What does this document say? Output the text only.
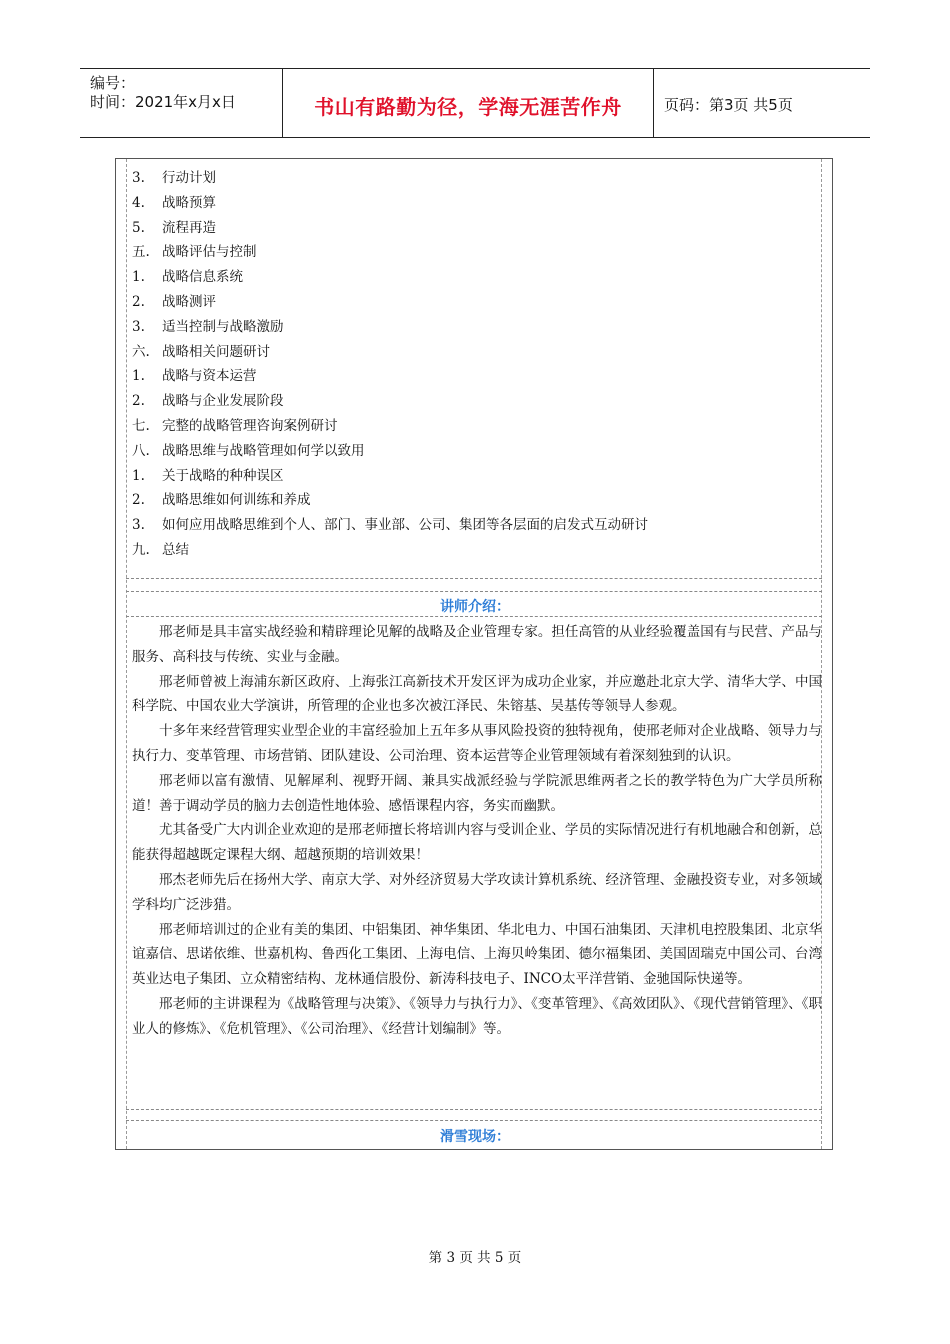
编号：
时间：2021年x月x日	书山有路勤为径，学海无涯苦作舟	页码：第3页 共5页
3. 行动计划
4. 战略预算
5. 流程再造
五. 战略评估与控制
1. 战略信息系统
2. 战略测评
3. 适当控制与战略激励
六. 战略相关问题研讨
1. 战略与资本运营
2. 战略与企业发展阶段
七. 完整的战略管理咨询案例研讨
八. 战略思维与战略管理如何学以致用
1. 关于战略的种种误区
2. 战略思维如何训练和养成
3. 如何应用战略思维到个人、部门、事业部、公司、集团等各层面的启发式互动研讨
九. 总结
讲师介绍：

邢老师是具丰富实战经验和精辟理论见解的战略及企业管理专家。担任高管的从业经验覆盖国有与民营、产品与服务、高科技与传统、实业与金融。

邢老师曾被上海浦东新区政府、上海张江高新技术开发区评为成功企业家，并应邀赴北京大学、清华大学、中国科学院、中国农业大学演讲，所管理的企业也多次被江泽民、朱镕基、吴基传等领导人参观。

十多年来经营管理实业型企业的丰富经验加上五年多从事风险投资的独特视角，使邢老师对企业战略、领导力与执行力、变革管理、市场营销、团队建设、公司治理、资本运营等企业管理领域有着深刻独到的认识。

邢老师以富有激情、见解犀利、视野开阔、兼具实战派经验与学院派思维两者之长的教学特色为广大学员所称道！善于调动学员的脑力去创造性地体验、感悟课程内容，务实而幽默。

尤其备受广大内训企业欢迎的是邢老师擅长将培训内容与受训企业、学员的实际情况进行有机地融合和创新，总能获得超越既定课程大纲、超越预期的培训效果！

邢杰老师先后在扬州大学、南京大学、对外经济贸易大学攻读计算机系统、经济管理、金融投资专业，对多领域学科均广泛涉猎。

邢老师培训过的企业有美的集团、中铝集团、神华集团、华北电力、中国石油集团、天津机电控股集团、北京华谊嘉信、思诺依维、世嘉机构、鲁西化工集团、上海电信、上海贝岭集团、德尔福集团、美国固瑞克中国公司、台湾英业达电子集团、立众精密结构、龙林通信股份、新涛科技电子、INCO太平洋营销、金驰国际快递等。

邢老师的主讲课程为《战略管理与决策》、《领导力与执行力》、《变革管理》、《高效团队》、《现代营销管理》、《职业人的修炼》、《危机管理》、《公司治理》、《经营计划编制》等。

滑雪现场：
第 3 页 共 5 页
